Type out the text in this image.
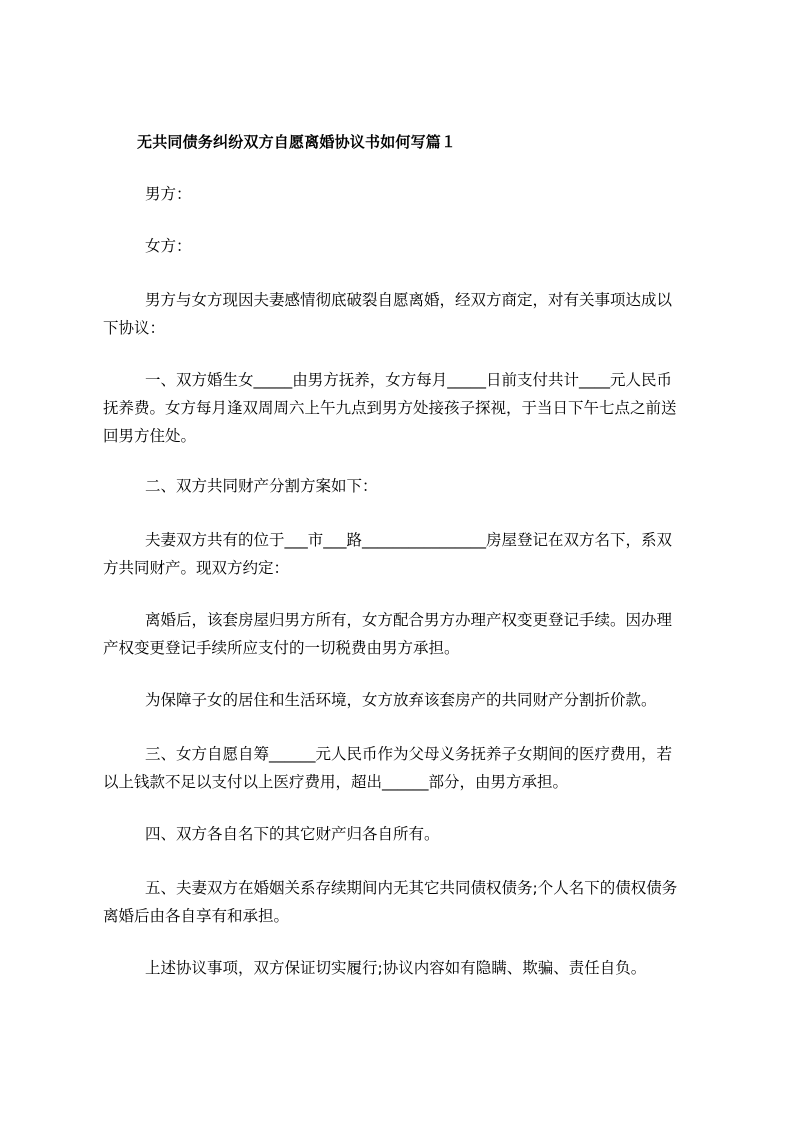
无共同债务纠纷双方自愿离婚协议书如何写篇１
男方：
女方：
男方与女方现因夫妻感情彻底破裂自愿离婚，经双方商定，对有关事项达成以
下协议：
一、双方婚生女_____由男方抚养，女方每月_____日前支付共计____元人民币
抚养费。女方每月逢双周周六上午九点到男方处接孩子探视，于当日下午七点之前送
回男方住处。
二、双方共同财产分割方案如下：
夫妻双方共有的位于___市___路________________房屋登记在双方名下，系双
方共同财产。现双方约定：
离婚后，该套房屋归男方所有，女方配合男方办理产权变更登记手续。因办理
产权变更登记手续所应支付的一切税费由男方承担。
为保障子女的居住和生活环境，女方放弃该套房产的共同财产分割折价款。
三、女方自愿自筹______元人民币作为父母义务抚养子女期间的医疗费用，若
以上钱款不足以支付以上医疗费用，超出______部分，由男方承担。
四、双方各自名下的其它财产归各自所有。
五、夫妻双方在婚姻关系存续期间内无其它共同债权债务;个人名下的债权债务
离婚后由各自享有和承担。
上述协议事项，双方保证切实履行;协议内容如有隐瞒、欺骗、责任自负。
